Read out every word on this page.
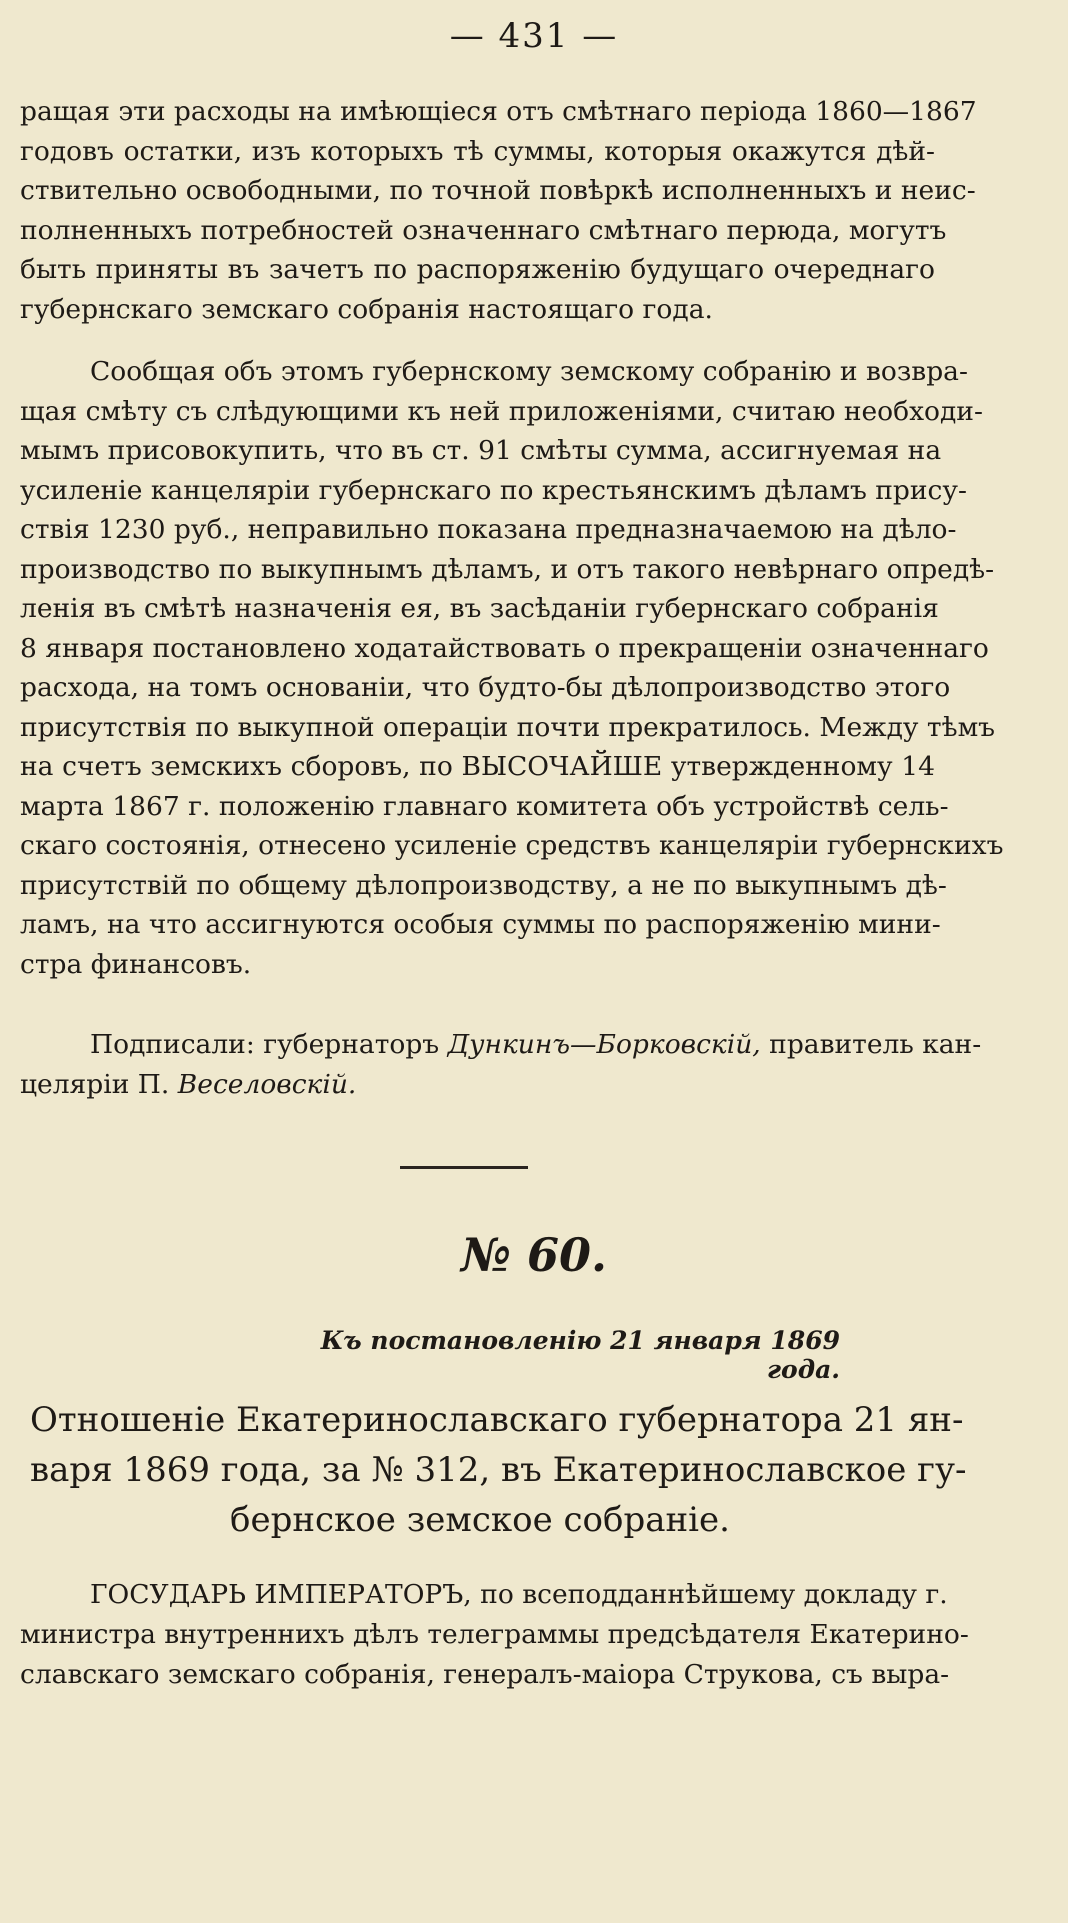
— 431 —
ращая эти расходы на имѣющіеся отъ смѣтнаго періода 1860—1867
годовъ остатки, изъ которыхъ тѣ суммы, которыя окажутся дѣй-
ствительно освободными, по точной повѣркѣ исполненныхъ и неис-
полненныхъ потребностей означеннаго смѣтнаго перюда, могутъ
быть приняты въ зачетъ по распоряженію будущаго очереднаго
губернскаго земскаго собранія настоящаго года.
Сообщая объ этомъ губернскому земскому собранію и возвра-
щая смѣту съ слѣдующими къ ней приложеніями, считаю необходи-
мымъ присовокупить, что въ ст. 91 смѣты сумма, ассигнуемая на
усиленіе канцеляріи губернскаго по крестьянскимъ дѣламъ прису-
ствія 1230 руб., неправильно показана предназначаемою на дѣло-
производство по выкупнымъ дѣламъ, и отъ такого невѣрнаго опредѣ-
ленія въ смѣтѣ назначенія ея, въ засѣданіи губернскаго собранія
8 января постановлено ходатайствовать о прекращеніи означеннаго
расхода, на томъ основаніи, что будто-бы дѣлопроизводство этого
присутствія по выкупной операціи почти прекратилось. Между тѣмъ
на счетъ земскихъ сборовъ, по ВЫСОЧАЙШЕ утвержденному 14
марта 1867 г. положенію главнаго комитета объ устройствѣ сель-
скаго состоянія, отнесено усиленіе средствъ канцеляріи губернскихъ
присутствій по общему дѣлопроизводству, а не по выкупнымъ дѣ-
ламъ, на что ассигнуются особыя суммы по распоряженію мини-
стра финансовъ.
Подписали: губернаторъ Дункинъ—Борковскій, правитель кан-
целяріи П. Веселовскій.
№ 60.
Къ постановленію 21 января 1869 года.
Отношеніе Екатеринославскаго губернатора 21 ян-
варя 1869 года, за № 312, въ Екатеринославское гу-
бернское земское собраніе.
ГОСУДАРЬ ИМПЕРАТОРЪ, по всеподданнѣйшему докладу г.
министра внутреннихъ дѣлъ телеграммы предсѣдателя Екатерино-
славскаго земскаго собранія, генералъ-маіора Струкова, съ выра-
